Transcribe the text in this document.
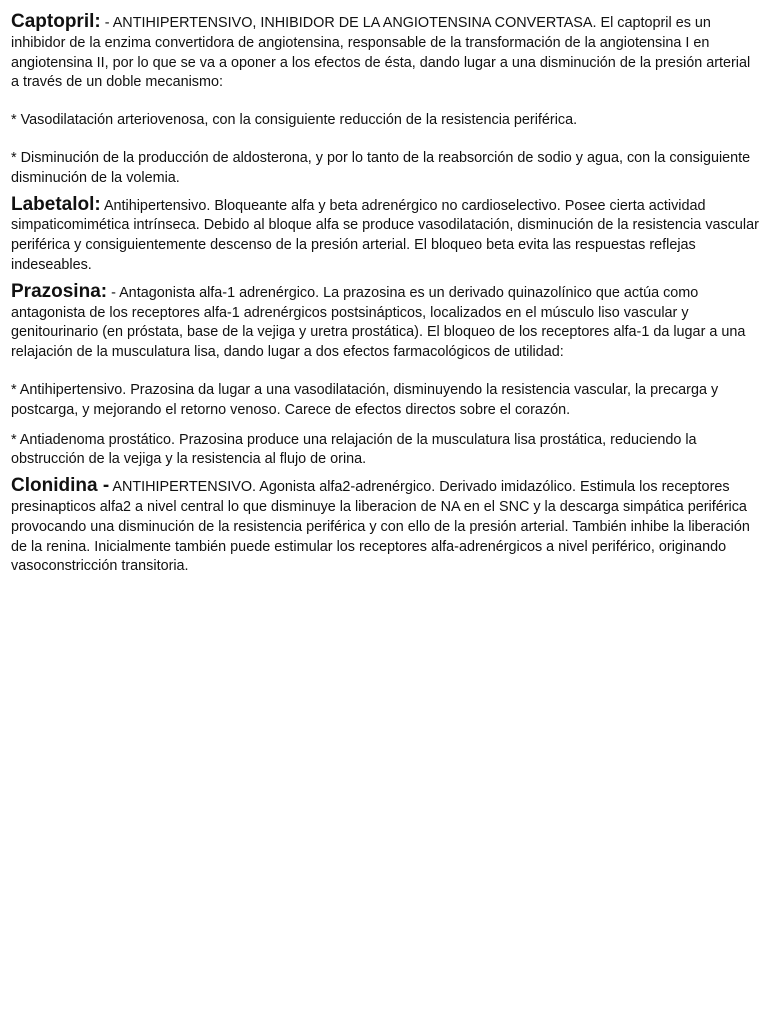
Captopril: - ANTIHIPERTENSIVO, INHIBIDOR DE LA ANGIOTENSINA CONVERTASA. El captopril es un inhibidor de la enzima convertidora de angiotensina, responsable de la transformación de la angiotensina I en angiotensina II, por lo que se va a oponer a los efectos de ésta, dando lugar a una disminución de la presión arterial a través de un doble mecanismo:

* Vasodilatación arteriovenosa, con la consiguiente reducción de la resistencia periférica.

* Disminución de la producción de aldosterona, y por lo tanto de la reabsorción de sodio y agua, con la consiguiente disminución de la volemia.

Labetalol: Antihipertensivo. Bloqueante alfa y beta adrenérgico no cardioselectivo. Posee cierta actividad simpaticomimética intrínseca. Debido al bloque alfa se produce vasodilatación, disminución de la resistencia vascular periférica y consiguientemente descenso de la presión arterial. El bloqueo beta evita las respuestas reflejas indeseables.

Prazosina: - Antagonista alfa-1 adrenérgico. La prazosina es un derivado quinazolínico que actúa como antagonista de los receptores alfa-1 adrenérgicos postsinápticos, localizados en el músculo liso vascular y genitourinario (en próstata, base de la vejiga y uretra prostática). El bloqueo de los receptores alfa-1 da lugar a una relajación de la musculatura lisa, dando lugar a dos efectos farmacológicos de utilidad:

* Antihipertensivo. Prazosina da lugar a una vasodilatación, disminuyendo la resistencia vascular, la precarga y postcarga, y mejorando el retorno venoso. Carece de efectos directos sobre el corazón.

* Antiadenoma prostático. Prazosina produce una relajación de la musculatura lisa prostática, reduciendo la obstrucción de la vejiga y la resistencia al flujo de orina.

Clonidina - ANTIHIPERTENSIVO. Agonista alfa2-adrenérgico. Derivado imidazólico. Estimula los receptores presinapticos alfa2 a nivel central lo que disminuye la liberacion de NA en el SNC y la descarga simpática periférica provocando una disminución de la resistencia periférica y con ello de la presión arterial. También inhibe la liberación de la renina. Inicialmente también puede estimular los receptores alfa-adrenérgicos a nivel periférico, originando vasoconstricción transitoria.
